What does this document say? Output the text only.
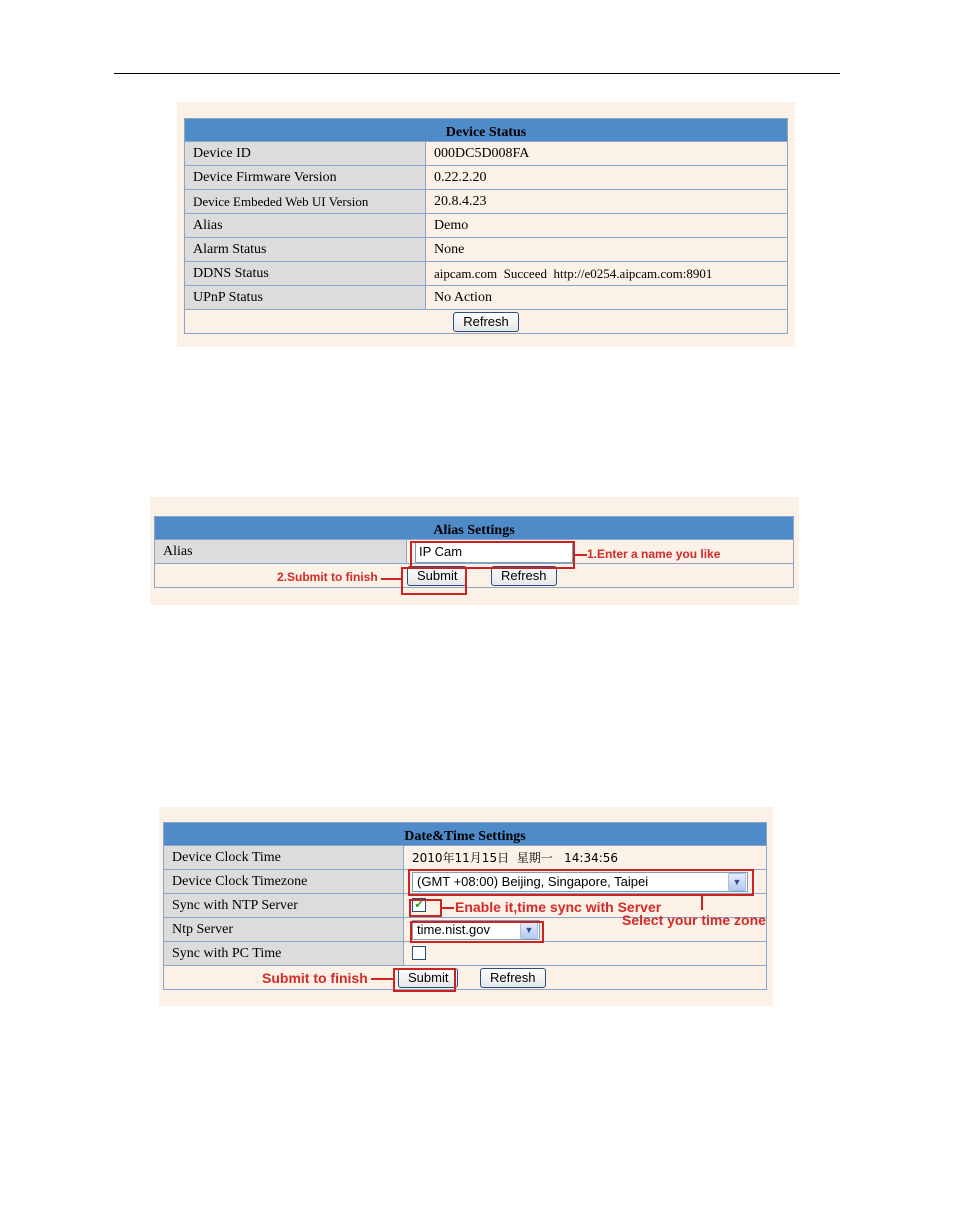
Device Status	
Device ID	000DC5D008FA
Device Firmware Version	0.22.2.20
Device Embeded Web UI Version	20.8.4.23
Alias	Demo
Alarm Status	None
DDNS Status	aipcam.com  Succeed  http://e0254.aipcam.com:8901
UPnP Status	No Action
Refresh	
Alias Settings
Alias	IP Cam
Submit	Refresh
1.Enter a name you like
2.Submit to finish
Date&Time Settings	
Device Clock Time	2010年11月15日  星期一   14:34:56
Device Clock Timezone	(GMT +08:00) Beijing, Singapore, Taipei ▼

Sync with NTP Server	✔
Ntp Server	time.nist.gov ▼

Sync with PC Time	
Submit Refresh	
Select your time zone
Enable it,time sync with Server
Submit to finish
